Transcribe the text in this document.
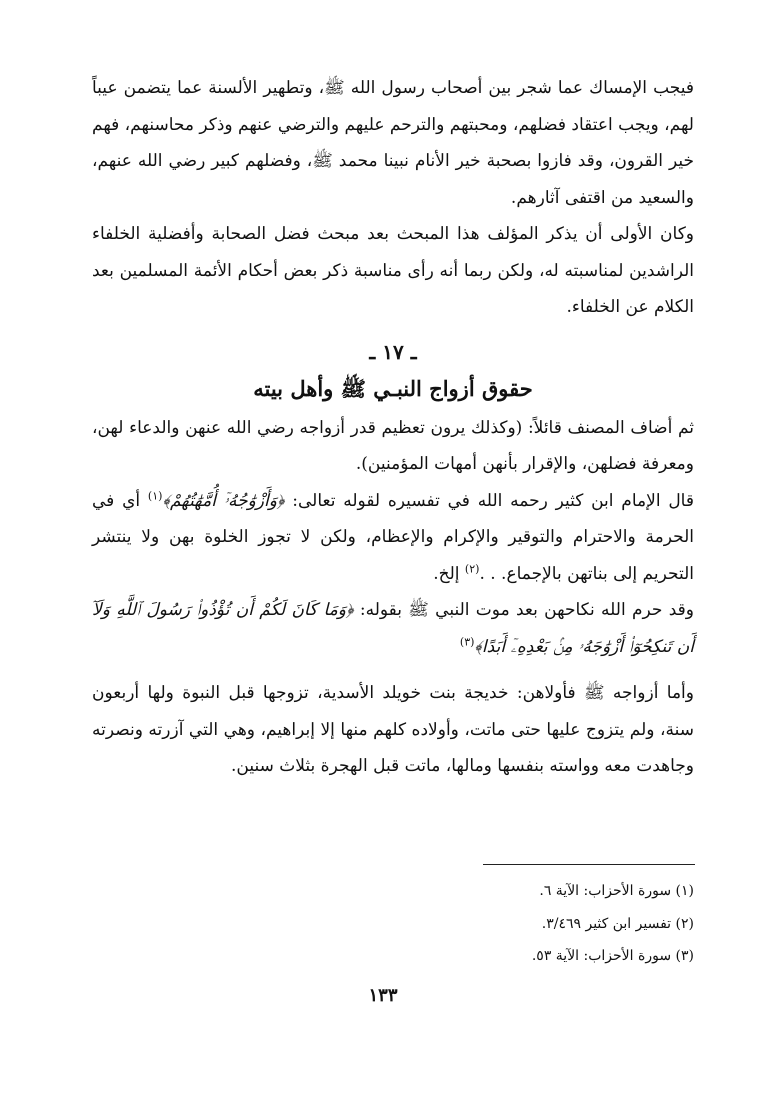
فيجب الإمساك عما شجر بين أصحاب رسول الله ﷺ، وتطهير الألسنة عما يتضمن عيباً لهم، ويجب اعتقاد فضلهم، ومحبتهم والترحم عليهم والترضي عنهم وذكر محاسنهم، فهم خير القرون، وقد فازوا بصحبة خير الأنام نبينا محمد ﷺ، وفضلهم كبير رضي الله عنهم، والسعيد من اقتفى آثارهم.

وكان الأولى أن يذكر المؤلف هذا المبحث بعد مبحث فضل الصحابة وأفضلية الخلفاء الراشدين لمناسبته له، ولكن ربما أنه رأى مناسبة ذكر بعض أحكام الأئمة المسلمين بعد الكلام عن الخلفاء.

ـ ١٧ ـ
حقوق أزواج النبـي ﷺ وأهل بيته

ثم أضاف المصنف قائلاً: (وكذلك يرون تعظيم قدر أزواجه رضي الله عنهن والدعاء لهن، ومعرفة فضلهن، والإقرار بأنهن أمهات المؤمنين).

قال الإمام ابن كثير رحمه الله في تفسيره لقوله تعالى: ﴿وَأَزْوَٰجُهُۥٓ أُمَّهَٰتُهُمْ﴾$^{(١)}$ أي في الحرمة والاحترام والتوقير والإكرام والإعظام، ولكن لا تجوز الخلوة بهن ولا ينتشر التحريم إلى بناتهن بالإجماع. . .$^{(٢)}$ إلخ.

وقد حرم الله نكاحهن بعد موت النبي ﷺ بقوله: ﴿وَمَا كَانَ لَكُمْ أَن تُؤْذُوا۟ رَسُولَ ٱللَّهِ وَلَآ أَن تَنكِحُوٓا۟ أَزْوَٰجَهُۥ مِنۢ بَعْدِهِۦٓ أَبَدًا﴾$^{(٣)}$

وأما أزواجه ﷺ فأولاهن: خديجة بنت خويلد الأسدية، تزوجها قبل النبوة ولها أربعون سنة، ولم يتزوج عليها حتى ماتت، وأولاده كلهم منها إلا إبراهيم، وهي التي آزرته ونصرته وجاهدت معه وواسته بنفسها ومالها، ماتت قبل الهجرة بثلاث سنين.

(١) سورة الأحزاب: الآية ٦.

(٢) تفسير ابن كثير ٣/٤٦٩.

(٣) سورة الأحزاب: الآية ٥٣.

١٣٣
